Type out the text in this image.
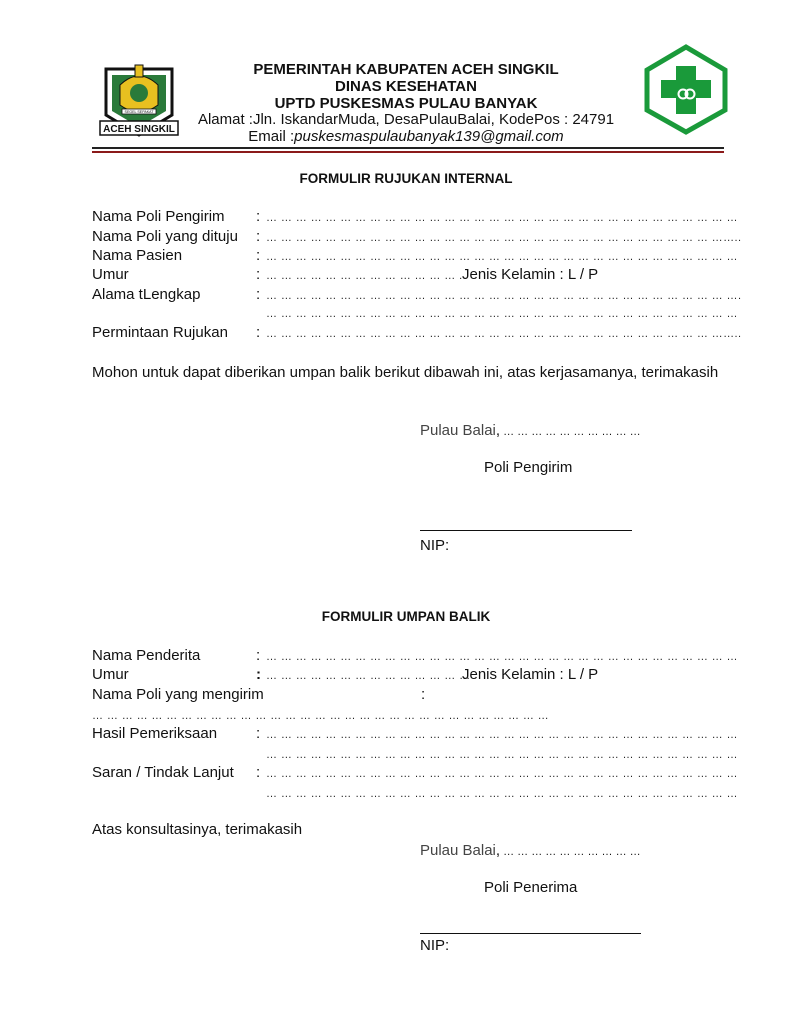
SEGEL SEPAKAT
ACEH SINGKIL
PEMERINTAH KABUPATEN ACEH SINGKIL
DINAS KESEHATAN
UPTD PUSKESMAS PULAU BANYAK
Alamat :Jln. IskandarMuda, DesaPulauBalai, KodePos : 24791
Email :puskesmaspulaubanyak139@gmail.com
FORMULIR RUJUKAN INTERNAL
Nama Poli Pengirim : … … … … … … … … … … … … … … … … … … … … … … … … … … … … … … … …
Nama Poli yang dituju : … … … … … … … … … … … … … … … … … … … … … … … … … … … … … … ……..
Nama Pasien	: … … … … … … … … … … … … … … … … … … … … … … … … … … … … … … … …
Umur	: … … … … … … … … … … … … … . Jenis Kelamin : L / P
Alama tLengkap	: … … … … … … … … … … … … … … … … … … … … … … … … … … … … … … … ….
… … … … … … … … … … … … … … … … … … … … … … … … … … … … … … … …
Permintaan Rujukan : … … … … … … … … … … … … … … … … … … … … … … … … … … … … … … ……..
Mohon untuk dapat diberikan umpan balik berikut dibawah ini, atas kerjasamanya, terimakasih
Pulau Balai, … … … … … … … … … …
Poli Pengirim
NIP:
FORMULIR UMPAN BALIK
Nama Penderita	: … … … … … … … … … … … … … … … … … … … … … … … … … … … … … … … …
Umur	: … … … … … … … … … … … … … …
Jenis Kelamin : L / P
Nama Poli yang mengirim	:
… … … … … … … … … … … … … … … … … … … … … … … … … … … … … … …
Hasil Pemeriksaan	: … … … … … … … … … … … … … … … … … … … … … … … … … … … … … … … …
… … … … … … … … … … … … … … … … … … … … … … … … … … … … … … … …
Saran / Tindak Lanjut : … … … … … … … … … … … … … … … … … … … … … … … … … … … … … … … …
… … … … … … … … … … … … … … … … … … … … … … … … … … … … … … … …
Atas konsultasinya, terimakasih
Pulau Balai, … … … … … … … … … …
Poli Penerima
NIP:
